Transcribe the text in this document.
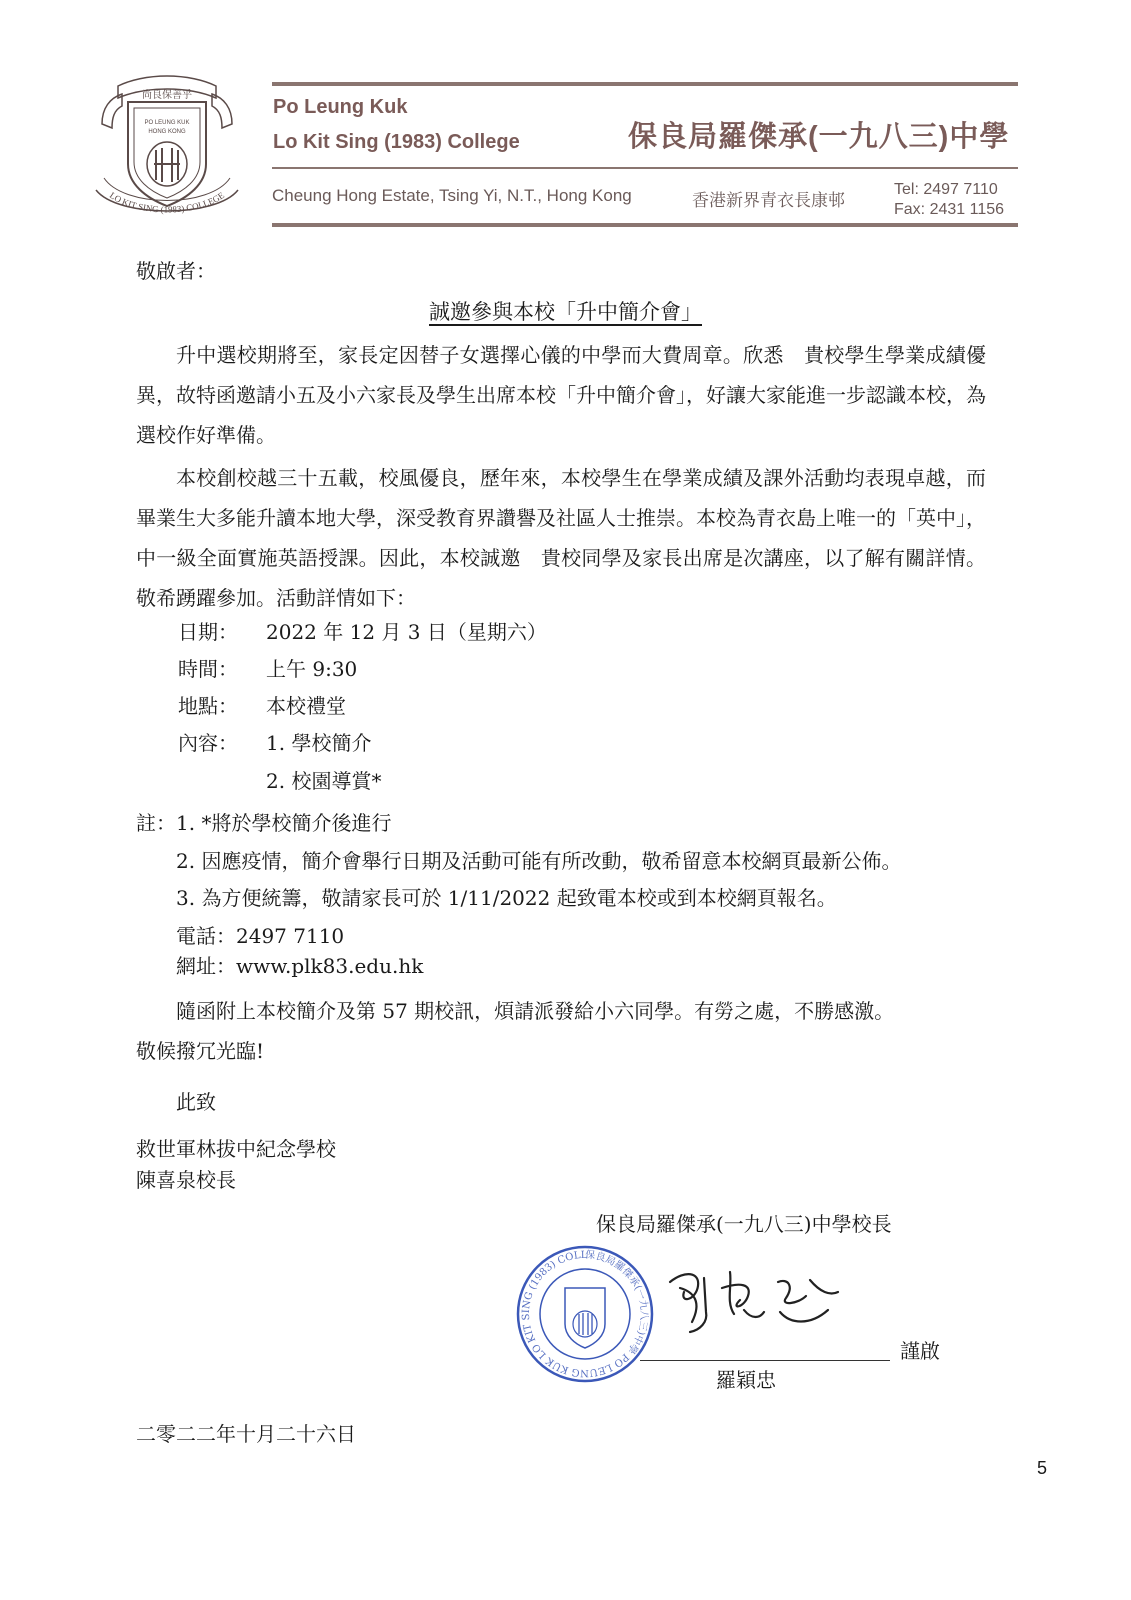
尚良保善乎
PO LEUNG KUK
HONG KONG
LO KIT SING (1983) COLLEGE
Po Leung Kuk
Lo Kit Sing (1983) College	保良局羅傑承(一九八三)中學
Cheung Hong Estate, Tsing Yi, N.T., Hong Kong	香港新界青衣長康邨
Tel: 2497 7110
Fax: 2431 1156
敬啟者：
誠邀參與本校「升中簡介會」

升中選校期將至，家長定因替子女選擇心儀的中學而大費周章。欣悉　貴校學生學業成績優異，故特函邀請小五及小六家長及學生出席本校「升中簡介會」，好讓大家能進一步認識本校，為選校作好準備。

本校創校越三十五載，校風優良，歷年來，本校學生在學業成績及課外活動均表現卓越，而畢業生大多能升讀本地大學，深受教育界讚譽及社區人士推崇。本校為青衣島上唯一的「英中」，中一級全面實施英語授課。因此，本校誠邀　貴校同學及家長出席是次講座，以了解有關詳情。敬希踴躍參加。活動詳情如下：

日期： 2022 年 12 月 3 日（星期六）
時間： 上午 9:30
地點： 本校禮堂
內容： 1. 學校簡介
2. 校園導賞*
註：1. *將於學校簡介後進行
2. 因應疫情，簡介會舉行日期及活動可能有所改動，敬希留意本校網頁最新公佈。
3. 為方便統籌，敬請家長可於 1/11/2022 起致電本校或到本校網頁報名。
電話：2497 7110
網址：www.plk83.edu.hk
隨函附上本校簡介及第 57 期校訊，煩請派發給小六同學。有勞之處，不勝感激。
敬候撥冗光臨!
此致
救世軍林拔中紀念學校
陳喜泉校長
保良局羅傑承(一九八三)中學校長
保良局羅傑承(一九八三)中學 PO LEUNG KUK LO KIT SING (1983) COLL
謹啟
羅穎忠
二零二二年十月二十六日
5
